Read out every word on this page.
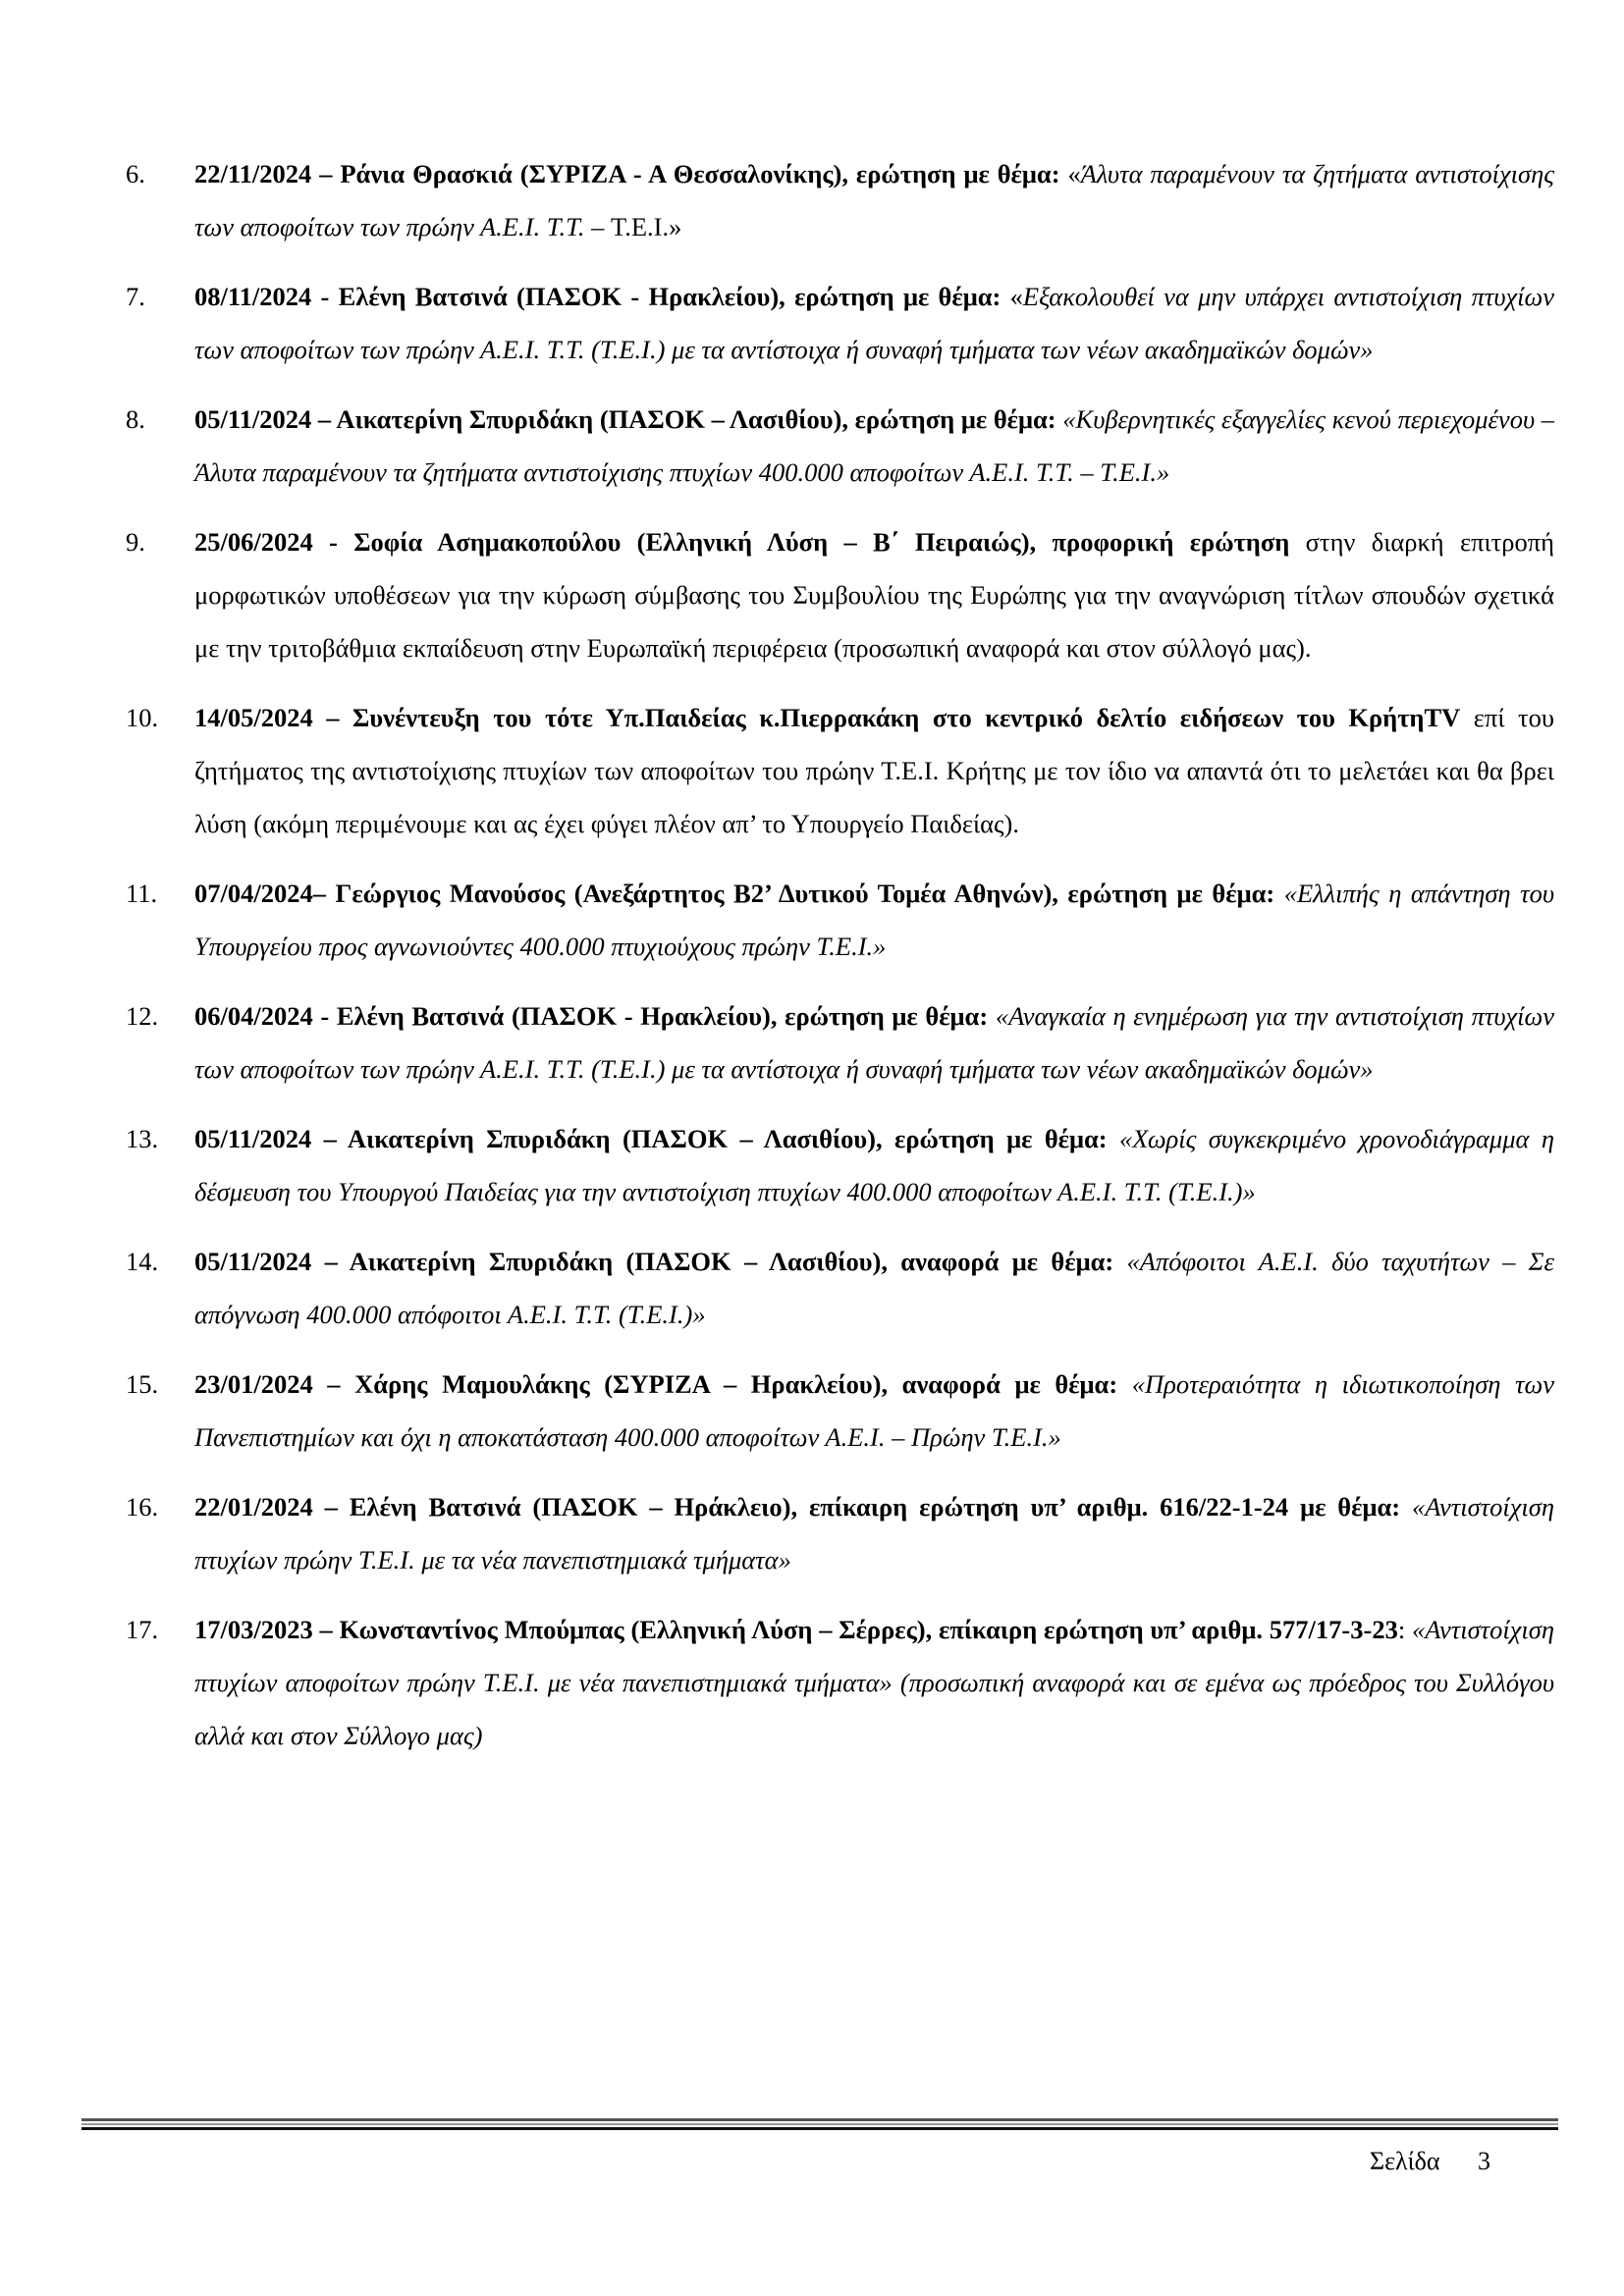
6.	22/11/2024 – Ράνια Θρασκιά (ΣΥΡΙΖΑ - Α Θεσσαλονίκης), ερώτηση με θέμα: «Άλυτα παραμένουν τα ζητήματα αντιστοίχισης των αποφοίτων των πρώην Α.Ε.Ι. Τ.Τ. – Τ.Ε.Ι.»
7.	08/11/2024 - Ελένη Βατσινά (ΠΑΣΟΚ - Ηρακλείου), ερώτηση με θέμα: «Εξακολουθεί να μην υπάρχει αντιστοίχιση πτυχίων των αποφοίτων των πρώην Α.Ε.Ι. Τ.Τ. (Τ.Ε.Ι.) με τα αντίστοιχα ή συναφή τμήματα των νέων ακαδημαϊκών δομών»
8.	05/11/2024 – Αικατερίνη Σπυριδάκη (ΠΑΣΟΚ – Λασιθίου), ερώτηση με θέμα: «Κυβερνητικές εξαγγελίες κενού περιεχομένου – Άλυτα παραμένουν τα ζητήματα αντιστοίχισης πτυχίων 400.000 αποφοίτων Α.Ε.Ι. Τ.Τ. – Τ.Ε.Ι.»
9.	25/06/2024 - Σοφία Ασημακοπούλου (Ελληνική Λύση – Β΄ Πειραιώς), προφορική ερώτηση στην διαρκή επιτροπή μορφωτικών υποθέσεων για την κύρωση σύμβασης του Συμβουλίου της Ευρώπης για την αναγνώριση τίτλων σπουδών σχετικά με την τριτοβάθμια εκπαίδευση στην Ευρωπαϊκή περιφέρεια (προσωπική αναφορά και στον σύλλογό μας).
10.	14/05/2024 – Συνέντευξη του τότε Υπ.Παιδείας κ.Πιερρακάκη στο κεντρικό δελτίο ειδήσεων του ΚρήτηTV επί του ζητήματος της αντιστοίχισης πτυχίων των αποφοίτων του πρώην Τ.Ε.Ι. Κρήτης με τον ίδιο να απαντά ότι το μελετάει και θα βρει λύση (ακόμη περιμένουμε και ας έχει φύγει πλέον απ’ το Υπουργείο Παιδείας).
11.	07/04/2024– Γεώργιος Μανούσος (Ανεξάρτητος Β2’ Δυτικού Τομέα Αθηνών), ερώτηση με θέμα: «Ελλιπής η απάντηση του Υπουργείου προς αγνωνιούντες 400.000 πτυχιούχους πρώην Τ.Ε.Ι.»
12.	06/04/2024 - Ελένη Βατσινά (ΠΑΣΟΚ - Ηρακλείου), ερώτηση με θέμα: «Αναγκαία η ενημέρωση για την αντιστοίχιση πτυχίων των αποφοίτων των πρώην Α.Ε.Ι. Τ.Τ. (Τ.Ε.Ι.) με τα αντίστοιχα ή συναφή τμήματα των νέων ακαδημαϊκών δομών»
13.	05/11/2024 – Αικατερίνη Σπυριδάκη (ΠΑΣΟΚ – Λασιθίου), ερώτηση με θέμα: «Χωρίς συγκεκριμένο χρονοδιάγραμμα η δέσμευση του Υπουργού Παιδείας για την αντιστοίχιση πτυχίων 400.000 αποφοίτων Α.Ε.Ι. Τ.Τ. (Τ.Ε.Ι.)»
14.	05/11/2024 – Αικατερίνη Σπυριδάκη (ΠΑΣΟΚ – Λασιθίου), αναφορά με θέμα: «Απόφοιτοι Α.Ε.Ι. δύο ταχυτήτων – Σε απόγνωση 400.000 απόφοιτοι Α.Ε.Ι. Τ.Τ. (Τ.Ε.Ι.)»
15.	23/01/2024 – Χάρης Μαμουλάκης (ΣΥΡΙΖΑ – Ηρακλείου), αναφορά με θέμα: «Προτεραιότητα η ιδιωτικοποίηση των Πανεπιστημίων και όχι η αποκατάσταση 400.000 αποφοίτων Α.Ε.Ι. – Πρώην Τ.Ε.Ι.»
16.	22/01/2024 – Ελένη Βατσινά (ΠΑΣΟΚ – Ηράκλειο), επίκαιρη ερώτηση υπ’ αριθμ. 616/22-1-24 με θέμα: «Αντιστοίχιση πτυχίων πρώην Τ.Ε.Ι. με τα νέα πανεπιστημιακά τμήματα»
17.	17/03/2023 – Κωνσταντίνος Μπούμπας (Ελληνική Λύση – Σέρρες), επίκαιρη ερώτηση υπ’ αριθμ. 577/17-3-23: «Αντιστοίχιση πτυχίων αποφοίτων πρώην Τ.Ε.Ι. με νέα πανεπιστημιακά τμήματα» (προσωπική αναφορά και σε εμένα ως πρόεδρος του Συλλόγου αλλά και στον Σύλλογο μας)
Σελίδα 3
